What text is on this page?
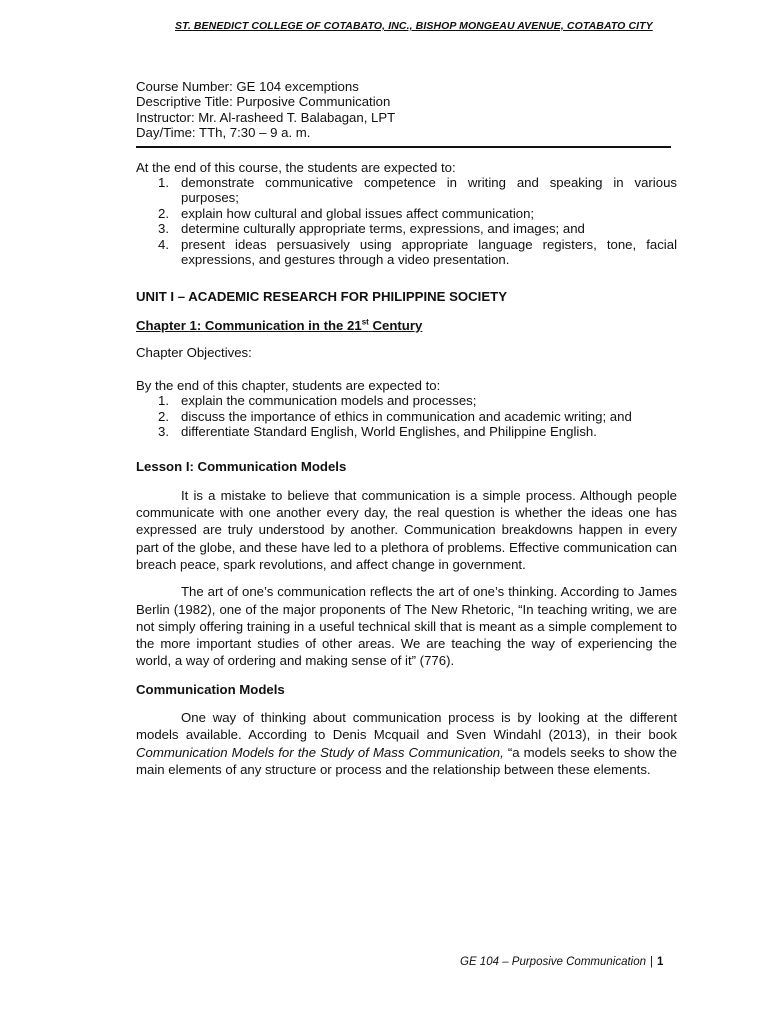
ST. BENEDICT COLLEGE OF COTABATO, INC., BISHOP MONGEAU AVENUE, COTABATO CITY

Course Number: GE 104 excemptions

Descriptive Title: Purposive Communication

Instructor: Mr. Al-rasheed T. Balabagan, LPT

Day/Time: TTh, 7:30 – 9 a. m.

At the end of this course, the students are expected to:

1. demonstrate communicative competence in writing and speaking in various purposes;
2. explain how cultural and global issues affect communication;
3. determine culturally appropriate terms, expressions, and images; and
4. present ideas persuasively using appropriate language registers, tone, facial expressions, and gestures through a video presentation.

UNIT I – ACADEMIC RESEARCH FOR PHILIPPINE SOCIETY

Chapter 1: Communication in the 21st Century

Chapter Objectives:

By the end of this chapter, students are expected to:

1. explain the communication models and processes;
2. discuss the importance of ethics in communication and academic writing; and
3. differentiate Standard English, World Englishes, and Philippine English.

Lesson I: Communication Models

It is a mistake to believe that communication is a simple process. Although people communicate with one another every day, the real question is whether the ideas one has expressed are truly understood by another. Communication breakdowns happen in every part of the globe, and these have led to a plethora of problems. Effective communication can breach peace, spark revolutions, and affect change in government.

The art of one’s communication reflects the art of one’s thinking. According to James Berlin (1982), one of the major proponents of The New Rhetoric, “In teaching writing, we are not simply offering training in a useful technical skill that is meant as a simple complement to the more important studies of other areas. We are teaching the way of experiencing the world, a way of ordering and making sense of it” (776).

Communication Models

One way of thinking about communication process is by looking at the different models available. According to Denis Mcquail and Sven Windahl (2013), in their book Communication Models for the Study of Mass Communication, “a models seeks to show the main elements of any structure or process and the relationship between these elements.

GE 104 – Purposive Communication | 1
